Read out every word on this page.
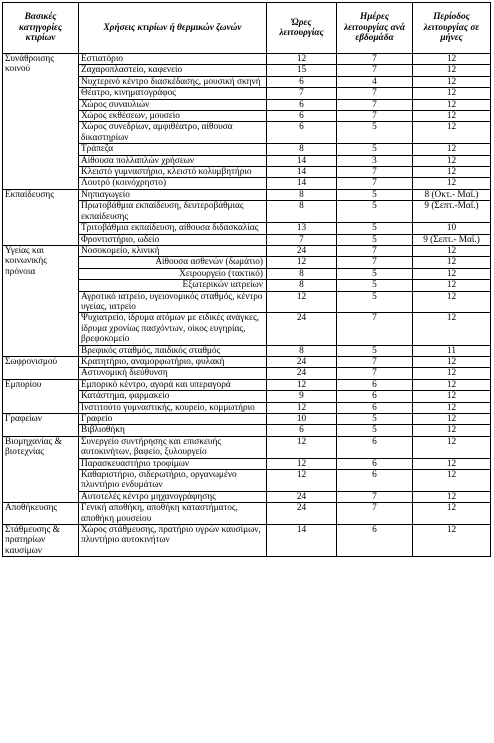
Βασικές κατηγορίες κτιρίων	Χρήσεις κτιρίων ή θερμικών ζωνών	Ώρες λειτουργίας	Ημέρες λειτουργίας ανά εβδομάδα	Περίοδος λειτουργίας σε μήνες
Συνάθροισης κοινού	Εστιατόριο	12	7	12
	Ζαχαροπλαστείο, καφενείο	15	7	12
	Νυχτερινό κέντρο διασκέδασης, μουσική σκηνή	6	4	12
	Θέατρο, κινηματογράφος	7	7	12
	Χώρος συναυλιών	6	7	12
	Χώρος εκθέσεων, μουσείο	6	7	12
	Χώρος συνεδρίων, αμφιθέατρο, αίθουσα δικαστηρίων	6	5	12
	Τράπεζα	8	5	12
	Αίθουσα πολλαπλών χρήσεων	14	3	12
	Κλειστό γυμναστήριο, κλειστό κολυμβητήριο	14	7	12
	Λουτρό (κοινόχρηστο)	14	7	12
Εκπαίδευσης	Νηπιαγωγείο	8	5	8 (Οκτ.- Μαΐ.)
	Πρωτοβάθμια εκπαίδευση, δευτεροβάθμιας εκπαίδευσης	8	5	9 (Σεπτ.-Μαΐ.)
	Τριτοβάθμια εκπαίδευση, αίθουσα διδασκαλίας	13	5	10
	Φροντιστήριο, ωδείο	7	5	9 (Σεπτ.- Μαΐ.)
Υγείας και κοινωνικής πρόνοια	Νοσοκομείο, κλινική	24	7	12
	Αίθουσα ασθενών (δωμάτιο)	12	7	12
	Χειρουργείο (τακτικό)	8	5	12
	Εξωτερικών ιατρείων	8	5	12
	Αγροτικό ιατρείο, υγειονομικός σταθμός, κέντρο υγείας, ιατρείο	12	5	12
	Ψυχιατρείο, ίδρυμα ατόμων με ειδικές ανάγκες, ίδρυμα χρονίως πασχόντων, οίκος ευγηρίας, βρεφοκομείο	24	7	12
	Βρεφικός σταθμός, παιδικός σταθμός	8	5	11
Σωφρονισμού	Κρατητήριο, αναμορφωτήριο, φυλακή	24	7	12
	Αστυνομική διεύθυνση	24	7	12
Εμπορίου	Εμπορικό κέντρο, αγορά και υπεραγορά	12	6	12
	Κατάστημα, φαρμακείο	9	6	12
	Ινστιτούτο γυμναστικής, κουρείο, κομμωτήριο	12	6	12
Γραφείων	Γραφείο	10	5	12
	Βιβλιοθήκη	6	5	12
Βιομηχανίας & βιοτεχνίας	Συνεργείο συντήρησης και επισκευής αυτοκινήτων, βαφείο, ξυλουργείο	12	6	12
	Παρασκευαστήριο τροφίμων	12	6	12
	Καθαριστήριο, σιδερωτήριο, οργανωμένο πλυντήριο ενδυμάτων	12	6	12
	Αυτοτελές κέντρο μηχανογράφησης	24	7	12
Αποθήκευσης	Γενική αποθήκη, αποθήκη καταστήματος, αποθήκη μουσείου	24	7	12
Στάθμευσης & πρατηρίων καυσίμων	Χώρος στάθμευσης, πρατήριο υγρών καυσίμων, πλυντήριο αυτοκινήτων	14	6	12
